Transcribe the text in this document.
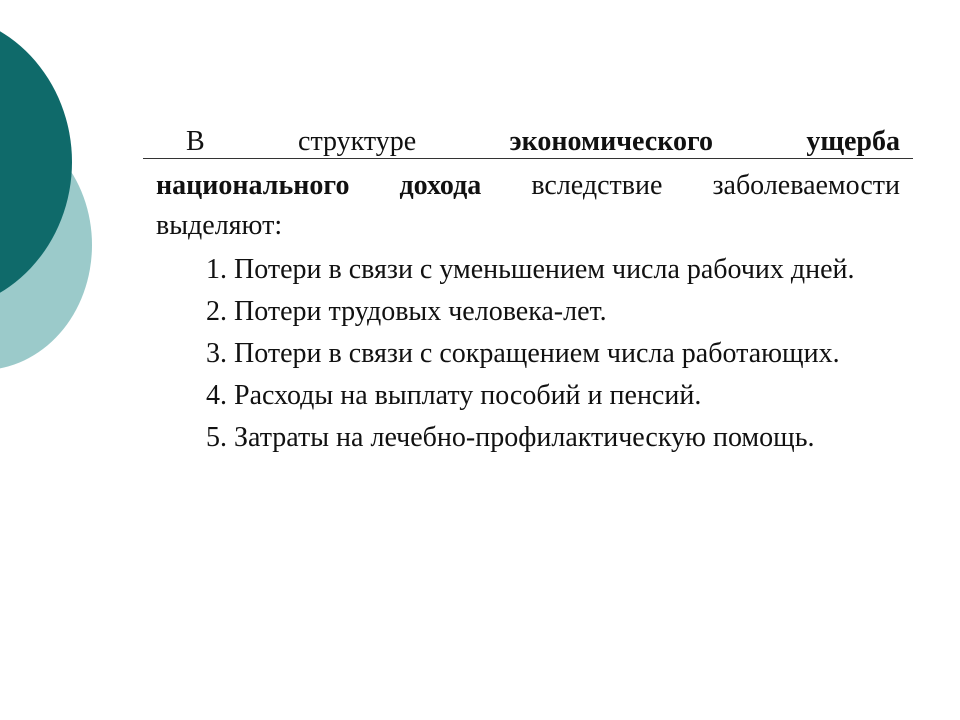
В	структуре	экономического	ущерба
национального дохода вследствие заболеваемости выделяют:
1. Потери в связи с уменьшением числа рабочих дней.
2. Потери трудовых человека-лет.
3. Потери в связи с сокращением числа работающих.
4. Расходы на выплату пособий и пенсий.
5. Затраты на лечебно-профилактическую помощь.
